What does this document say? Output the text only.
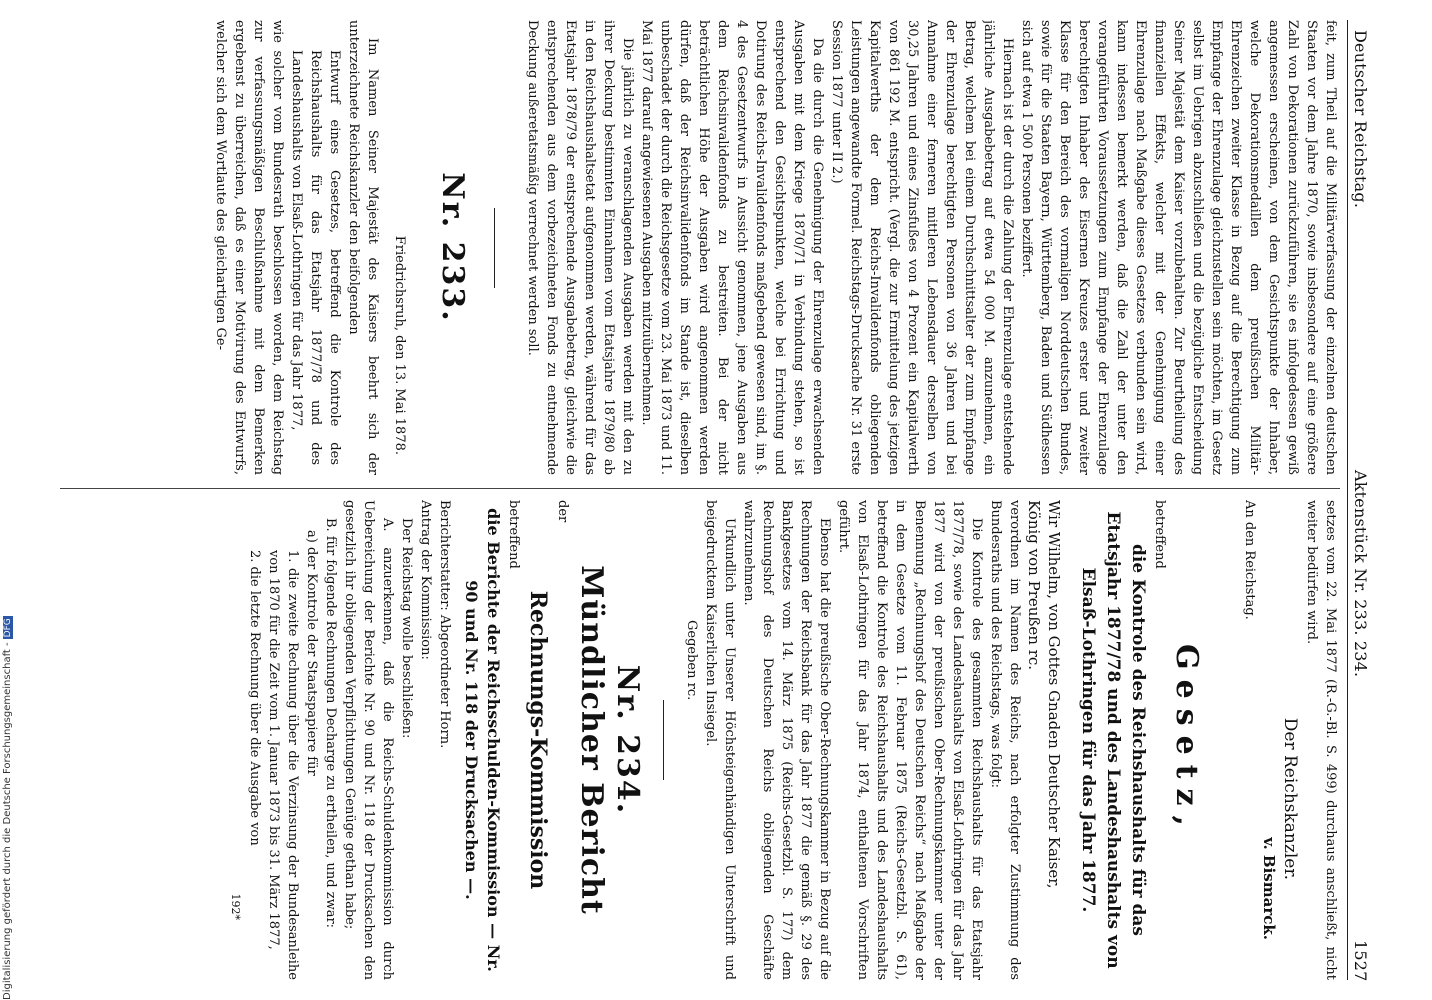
Digitalisierung gefördert durch die Deutsche Forschungsgemeinschaft -DFG
Deutscher Reichstag.
Aktenstück Nr. 233. 234.
1527

feit, zum Theil auf die Militärverfassung der einzelnen deutschen Staaten vor dem Jahre 1870, sowie insbesondere auf eine größere Zahl von Dekorationen zurückzuführen, sie es infolgedessen gewiß angemessen erscheinen, von dem Gesichtspunkte der Inhaber, welche Dekorationsmedaillen dem preußischen Militär-Ehrenzeichen zweiter Klasse in Bezug auf die Berechtigung zum Empfange der Ehrenzulage gleichzustellen sein möchten, im Gesetz selbst im Uebrigen abzuschließen und die bezügliche Entscheidung Seiner Majestät dem Kaiser vorzubehalten. Zur Beurtheilung des finanziellen Effekts, welcher mit der Genehmigung einer Ehrenzulage nach Maßgabe dieses Gesetzes verbunden sein wird, kann indessen bemerkt werden, daß die Zahl der unter den vorangeführten Voraussetzungen zum Empfange der Ehrenzulage berechtigten Inhaber des Eisernen Kreuzes erster und zweiter Klasse für den Bereich des vormaligen Norddeutschen Bundes, sowie für die Staaten Bayern, Württemberg, Baden und Südhessen sich auf etwa 1 500 Personen beziffert.

Hiernach ist der durch die Zahlung der Ehrenzulage entstehende jährliche Ausgabebetrag auf etwa 54 000 M. anzunehmen, ein Betrag, welchem bei einem Durchschnittsalter der zum Empfange der Ehrenzulage berechtigten Personen von 36 Jahren und bei Annahme einer ferneren mittleren Lebensdauer derselben von 30,25 Jahren und eines Zinsfußes von 4 Prozent ein Kapitalwerth von 861 192 M. entspricht. (Vergl. die zur Ermittelung des jetzigen Kapitalwerths der dem Reichs-Invalidenfonds obliegenden Leistungen angewandte Formel. Reichstags-Drucksache Nr. 31 erste Session 1877 unter II 2.)

Da die durch die Genehmigung der Ehrenzulage erwachsenden Ausgaben mit dem Kriege 1870/71 in Verbindung stehen, so ist entsprechend den Gesichtspunkten, welche bei Errichtung und Dotirung des Reichs-Invalidenfonds maßgebend gewesen sind, im §. 4 des Gesetzentwurfs in Aussicht genommen, jene Ausgaben aus dem Reichsinvalidenfonds zu bestreiten. Bei der nicht beträchtlichen Höhe der Ausgaben wird angenommen werden dürfen, daß der Reichsinvalidenfonds im Stande ist, dieselben unbeschadet der durch die Reichsgesetze vom 23. Mai 1873 und 11. Mai 1877 darauf angewiesenen Ausgaben mitzuübernehmen.

Die jährlich zu veranschlagenden Ausgaben werden mit den zu ihrer Deckung bestimmten Einnahmen vom Etatsjahre 1879/80 ab in den Reichshaushaltsetat aufgenommen werden, während für das Etatsjahr 1878/79 der entsprechende Ausgabebetrag, gleichwie die entsprechenden aus dem vorbezeichneten Fonds zu entnehmende Deckung außeretatsmäßig verrechnet werden soll.

Nr. 233.

Friedrichsruh, den 13. Mai 1878.

Im Namen Seiner Majestät des Kaisers beehrt sich der unterzeichnete Reichskanzler den beifolgenden

Entwurf eines Gesetzes, betreffend die Kontrole des Reichshaushalts für das Etatsjahr 1877/78 und des Landeshaushalts von Elsaß-Lothringen für das Jahr 1877,

wie solcher vom Bundesrath beschlossen worden, dem Reichstag zur verfassungsmäßigen Beschlußnahme mit dem Bemerken ergebenst zu überreichen, daß es einer Motivirung des Entwurfs, welcher sich dem Wortlaute des gleichartigen Ge-

setzes vom 22. Mai 1877 (R.-G.-Bl. S. 499) durchaus anschließt, nicht weiter bedürfen wird.

Der Reichskanzler.

v. Bismarck.

An den Reichstag.

Gesetz,

betreffend

die Kontrole des Reichshaushalts für das Etatsjahr 1877/78 und des Landeshaushalts von Elsaß-Lothringen für das Jahr 1877.

Wir Wilhelm, von Gottes Gnaden Deutscher Kaiser,

König von Preußen rc.

verordnen im Namen des Reichs, nach erfolgter Zustimmung des Bundesraths und des Reichstags, was folgt:

Die Kontrole des gesammten Reichshaushalts für das Etatsjahr 1877/78, sowie des Landeshaushalts von Elsaß-Lothringen für das Jahr 1877 wird von der preußischen Ober-Rechnungskammer unter der Benennung „Rechnungshof des Deutschen Reichs“ nach Maßgabe der in dem Gesetze vom 11. Februar 1875 (Reichs-Gesetzbl. S. 61), betreffend die Kontrole des Reichshaushalts und des Landeshaushalts von Elsaß-Lothringen für das Jahr 1874, enthaltenen Vorschriften geführt.

Ebenso hat die preußische Ober-Rechnungskammer in Bezug auf die Rechnungen der Reichsbank für das Jahr 1877 die gemäß §. 29 des Bankgesetzes vom 14. März 1875 (Reichs-Gesetzbl. S. 177) dem Rechnungshof des Deutschen Reichs obliegenden Geschäfte wahrzunehmen.

Urkundlich unter Unserer Höchsteigenhändigen Unterschrift und beigedrucktem Kaiserlichen Insiegel.

Gegeben rc.

Nr. 234.
Mündlicher Bericht

der

Rechnungs-Kommission

betreffend

die Berichte der Reichsschulden-Kommission — Nr. 90 und Nr. 118 der Drucksachen —.

Berichterstatter: Abgeordneter Horn.

Antrag der Kommission:

Der Reichstag wolle beschließen:

A. anzuerkennen, daß die Reichs-Schuldenkommission durch Uebereichung der Berichte Nr. 90 und Nr. 118 der Drucksachen den gesetzlich ihr obliegenden Verpflichtungen Genüge gethan habe;

B. für folgende Rechnungen Decharge zu ertheilen, und zwar:

a) der Kontrole der Staatspapiere für

1. die zweite Rechnung über die Verzinsung der Bundesanleihe von 1870 für die Zeit vom 1. Januar 1873 bis 31. März 1877,

2. die letzte Rechnung über die Ausgabe von

192*
